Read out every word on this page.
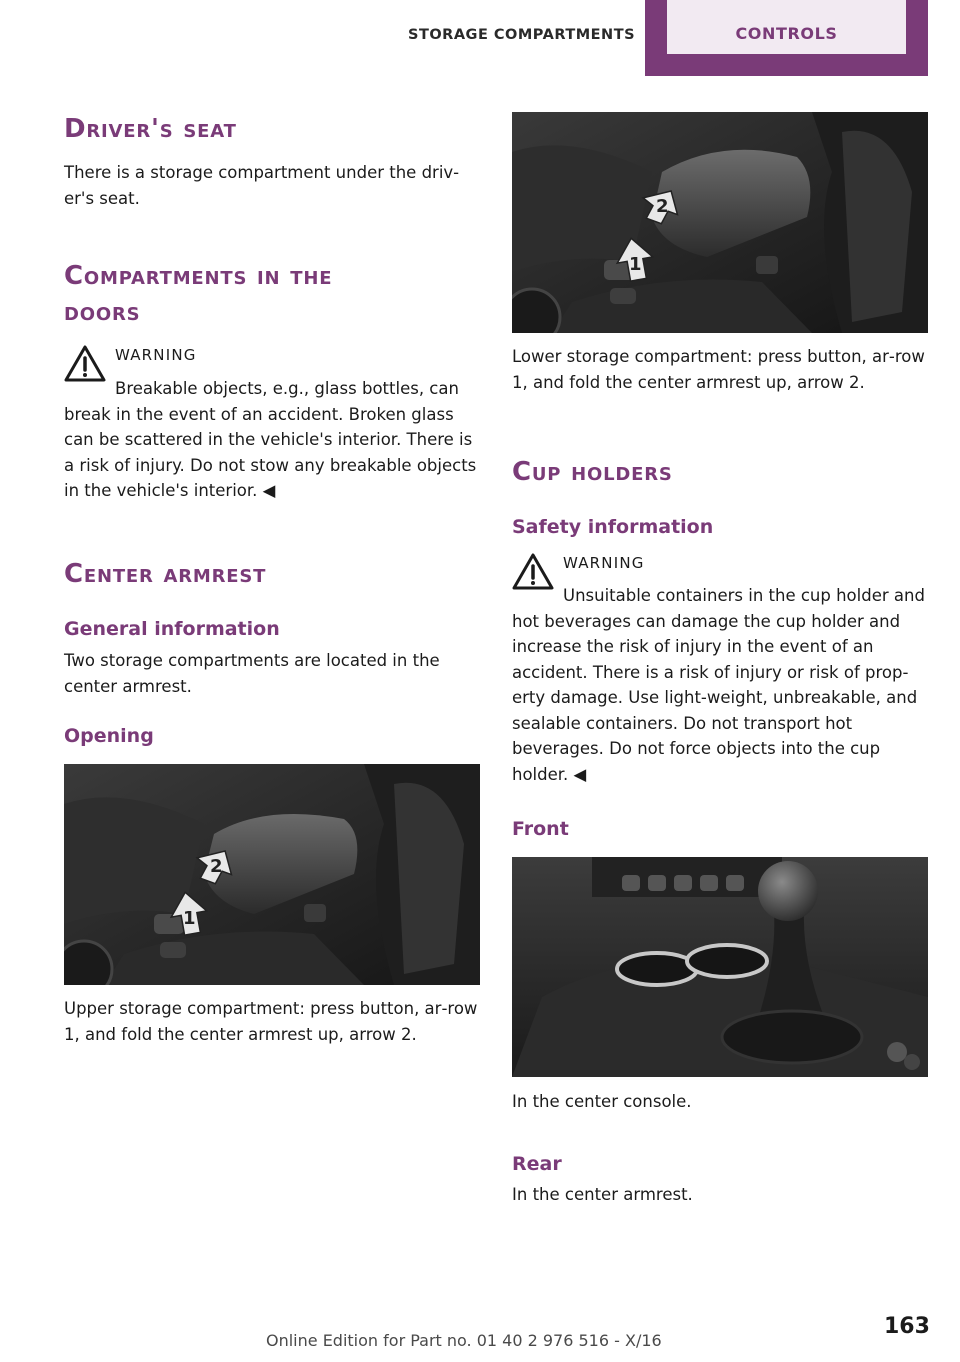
STORAGE COMPARTMENTS	CONTROLS
Driver's seat
There is a storage compartment under the driv‐er's seat.
Compartments in the
doors
WARNING
Breakable objects, e.g., glass bottles, can break in the event of an accident. Broken glass can be scattered in the vehicle's interior. There is a risk of injury. Do not stow any breakable objects in the vehicle's interior. ◀
Center armrest
General information
Two storage compartments are located in the center armrest.
Opening
1
2
Upper storage compartment: press button, ar‐row 1, and fold the center armrest up, arrow 2.
1
2
Lower storage compartment: press button, ar‐row 1, and fold the center armrest up, arrow 2.
Cup holders
Safety information
WARNING
Unsuitable containers in the cup holder and hot beverages can damage the cup holder and increase the risk of injury in the event of an accident. There is a risk of injury or risk of prop‐erty damage. Use light-weight, unbreakable, and sealable containers. Do not transport hot beverages. Do not force objects into the cup holder. ◀
Front
In the center console.
Rear
In the center armrest.
163
Online Edition for Part no. 01 40 2 976 516 - X/16
